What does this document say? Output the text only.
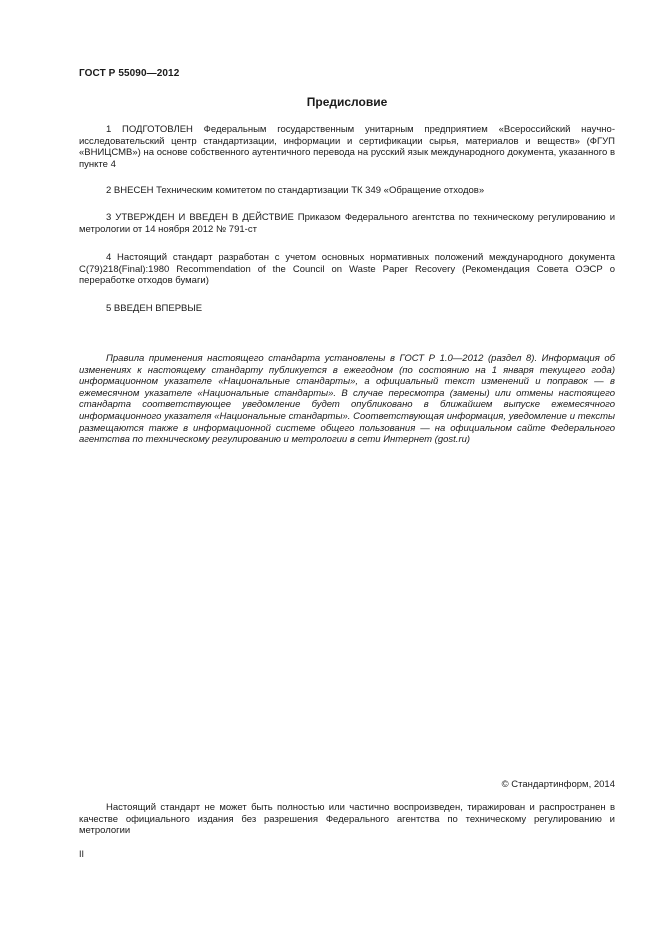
ГОСТ Р 55090—2012
Предисловие

1 ПОДГОТОВЛЕН Федеральным государственным унитарным предприятием «Всероссийский научно-исследовательский центр стандартизации, информации и сертификации сырья, материалов и веществ» (ФГУП «ВНИЦСМВ») на основе собственного аутентичного перевода на русский язык международного документа, указанного в пункте 4

2 ВНЕСЕН Техническим комитетом по стандартизации ТК 349 «Обращение отходов»

3 УТВЕРЖДЕН И ВВЕДЕН В ДЕЙСТВИЕ Приказом Федерального агентства по техническому регулированию и метрологии от 14 ноября 2012 № 791-ст

4 Настоящий стандарт разработан с учетом основных нормативных положений международного документа C(79)218(Final):1980 Recommendation of the Council on Waste Paper Recovery (Рекомендация Совета ОЭСР о переработке отходов бумаги)

5 ВВЕДЕН ВПЕРВЫЕ

Правила применения настоящего стандарта установлены в ГОСТ Р 1.0—2012 (раздел 8). Информация об изменениях к настоящему стандарту публикуется в ежегодном (по состоянию на 1 января текущего года) информационном указателе «Национальные стандарты», а официальный текст изменений и поправок — в ежемесячном указателе «Национальные стандарты». В случае пересмотра (замены) или отмены настоящего стандарта соответствующее уведомление будет опубликовано в ближайшем выпуске ежемесячного информационного указателя «Национальные стандарты». Соответствующая информация, уведомление и тексты размещаются также в информационной системе общего пользования — на официальном сайте Федерального агентства по техническому регулированию и метрологии в сети Интернет (gost.ru)

© Стандартинформ, 2014

Настоящий стандарт не может быть полностью или частично воспроизведен, тиражирован и распространен в качестве официального издания без разрешения Федерального агентства по техническому регулированию и метрологии

II
